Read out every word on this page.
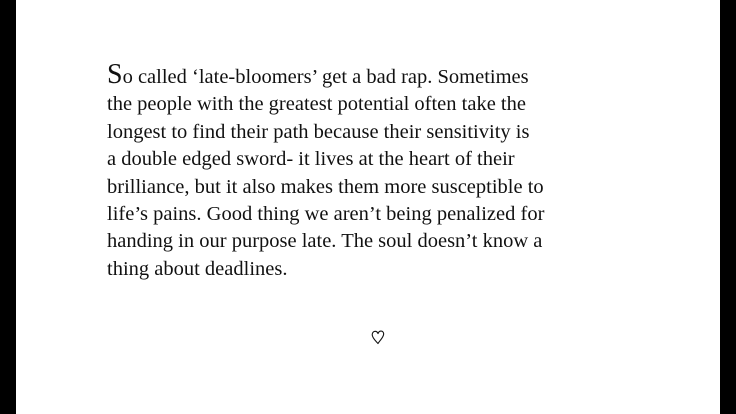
So called ‘late-bloomers’ get a bad rap. Sometimes
the people with the greatest potential often take the
longest to find their path because their sensitivity is
a double edged sword- it lives at the heart of their
brilliance, but it also makes them more susceptible to
life’s pains. Good thing we aren’t being penalized for
handing in our purpose late. The soul doesn’t know a
thing about deadlines.
